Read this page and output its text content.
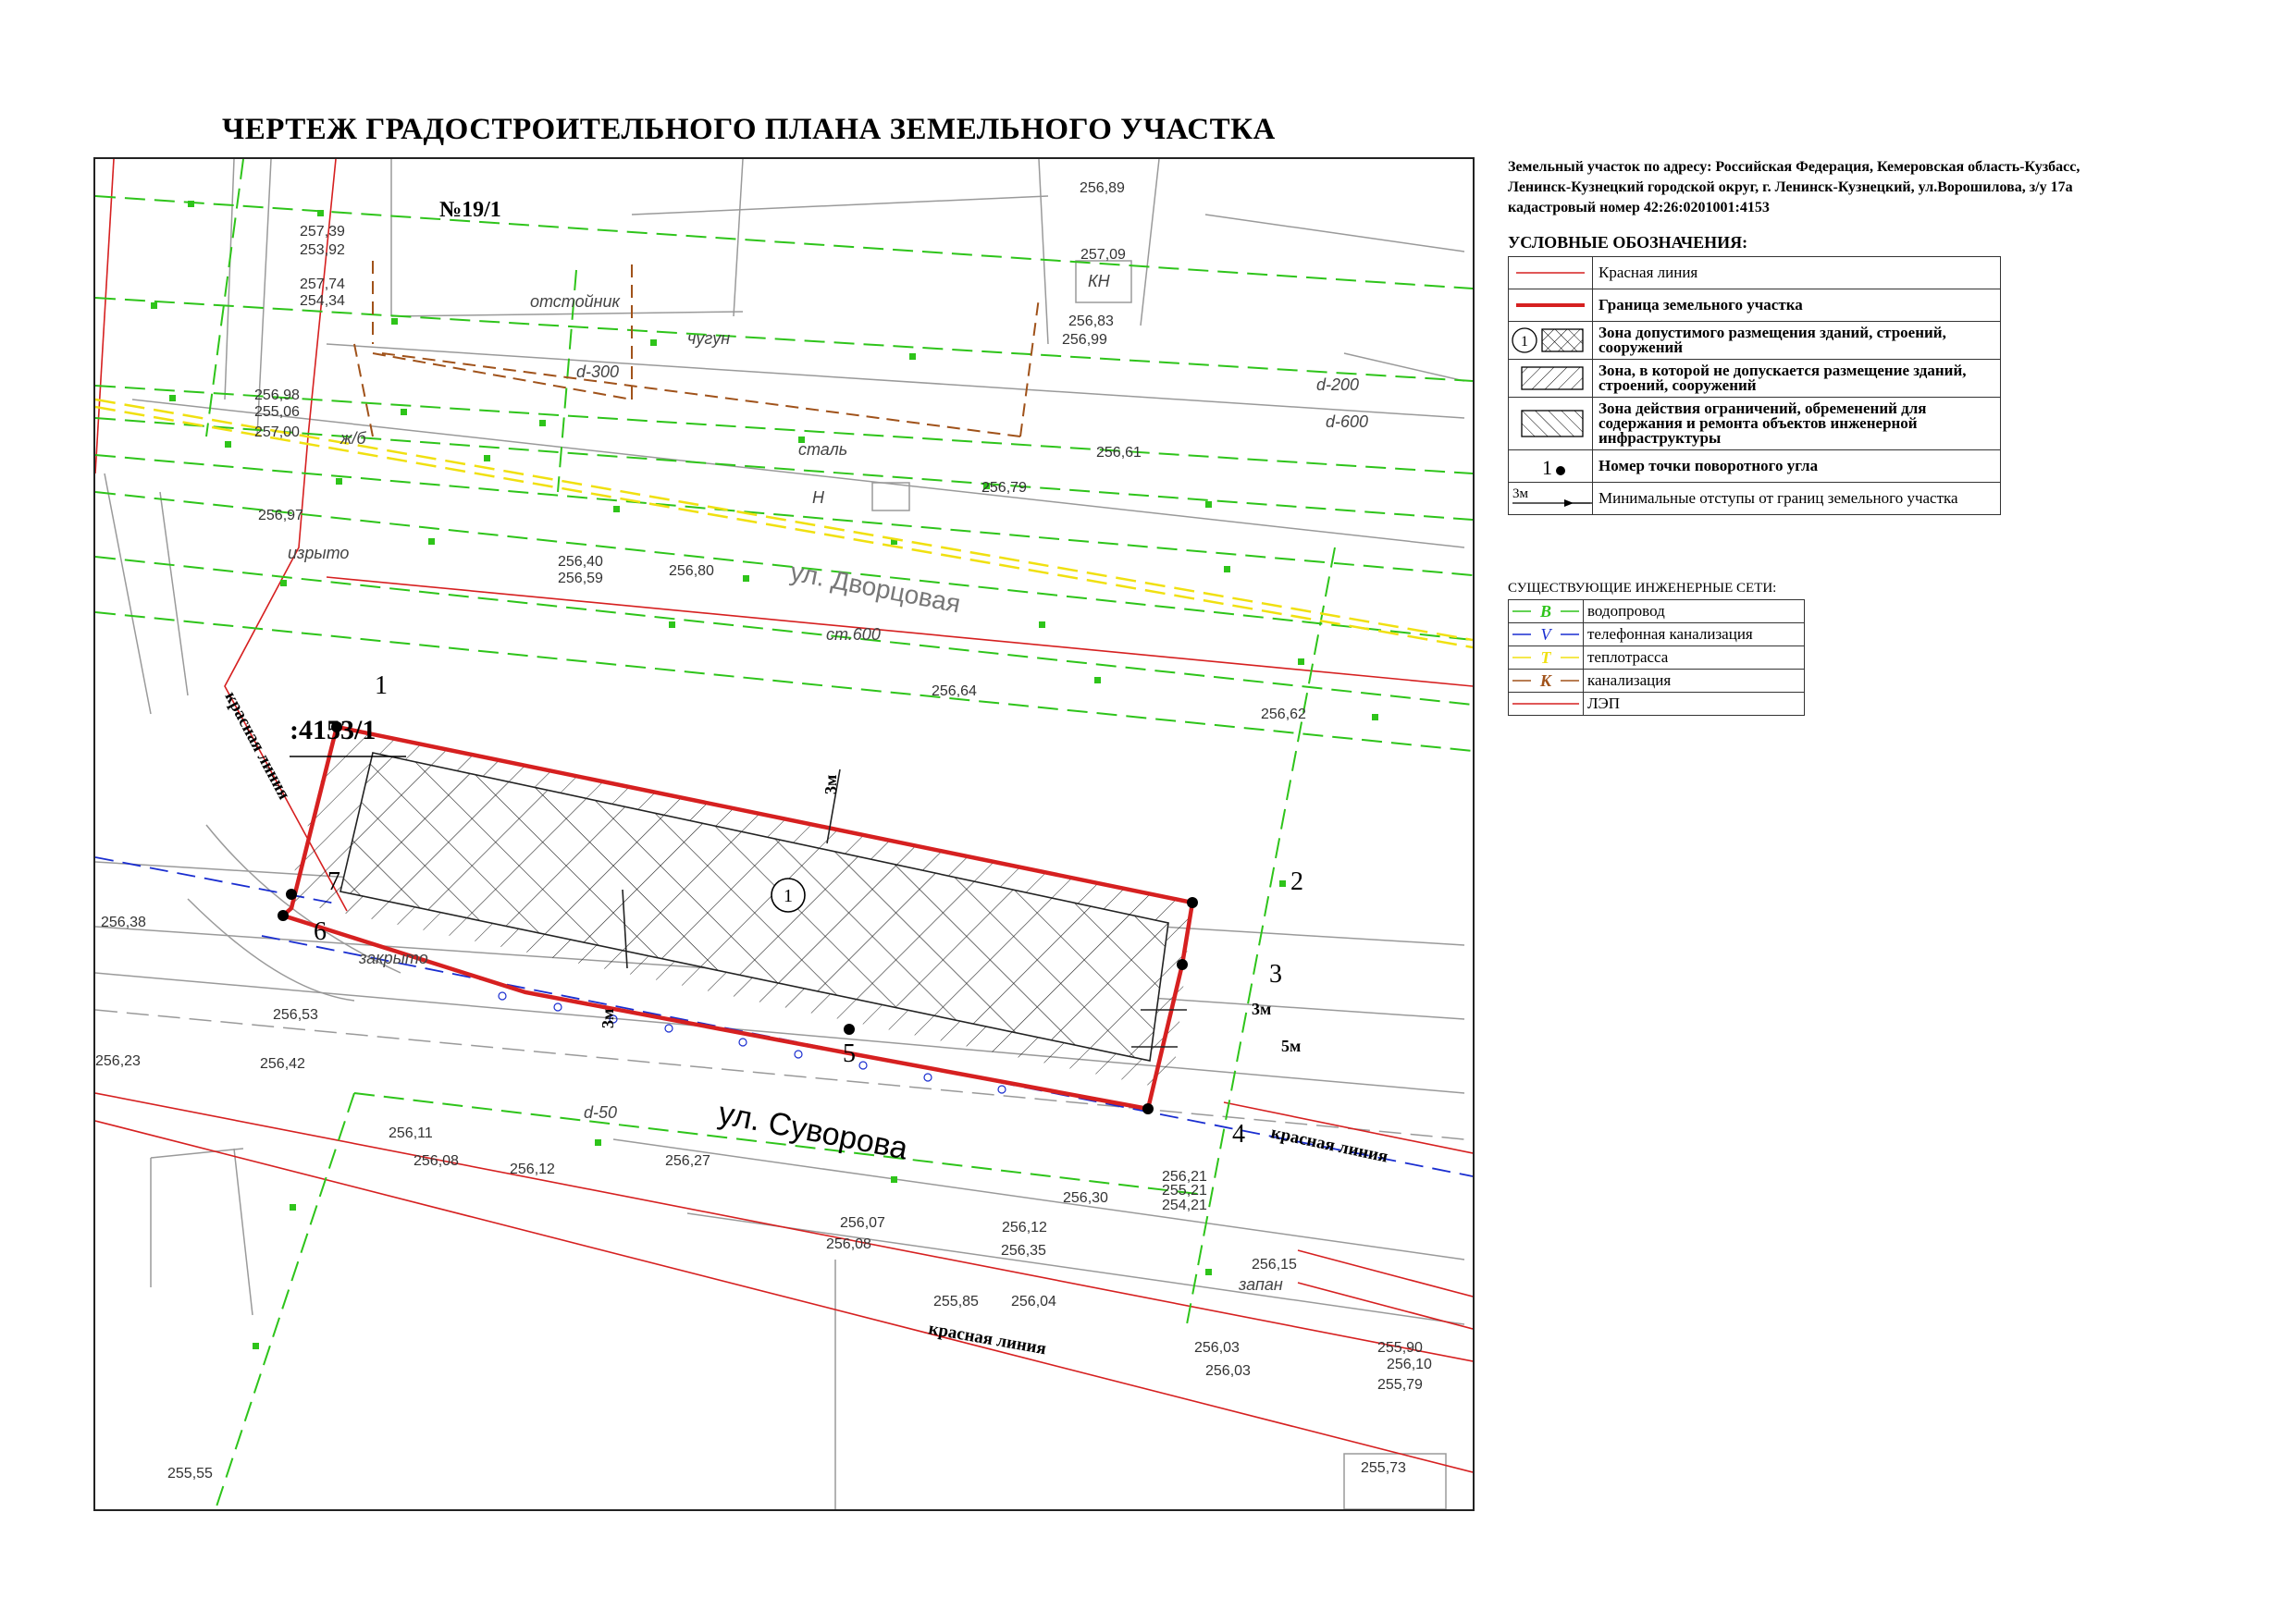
ЧЕРТЕЖ ГРАДОСТРОИТЕЛЬНОГО ПЛАНА ЗЕМЕЛЬНОГО УЧАСТКА
1
1
2
3
4
5
6
7
3м
3м
5м
3м
:4153/1
№19/1
ул. Суворова
ул. Дворцовая
красная линия
красная линия
красная линия
256,89
257,09
256,83
256,99
256,61
256,79
256,80
256,64
256,62
256,38
256,53
256,23	256,42
256,11
256,08
256,12
256,27
256,30
256,07
256,08
256,12
256,35
256,04
255,85
256,15
256,21
255,21
254,21
256,03
256,03
255,90
256,10
255,79
255,73
255,55
257,39
253,92
257,74
254,34
256,98
255,06
257,00
256,97
256,40
256,59
отстойник
d-300
чугун
сталь
d-200
d-50
закрыто
изрыто
ж/б
КН
Н
запан
d-600
ст.600
Земельный участок по адресу: Российская Федерация, Кемеровская область-Кузбасс,
Ленинск-Кузнецкий городской округ, г. Ленинск-Кузнецкий, ул.Ворошилова, з/у 17а
кадастровый номер 42:26:0201001:4153
УСЛОВНЫЕ ОБОЗНАЧЕНИЯ:
	Красная линия

	Граница земельного участка

1	Зона допустимого размещения зданий, строений, сооружений

	Зона, в которой не допускается размещение зданий, строений, сооружений

	Зона действия ограничений, обременений для содержания и ремонта объектов инженерной инфраструктуры

1	Номер точки поворотного угла

3м	Минимальные отступы от границ земельного участка
СУЩЕСТВУЮЩИЕ ИНЖЕНЕРНЫЕ СЕТИ:
В	водопровод

V	телефонная канализация

Т	теплотрасса

К	канализация

	ЛЭП
